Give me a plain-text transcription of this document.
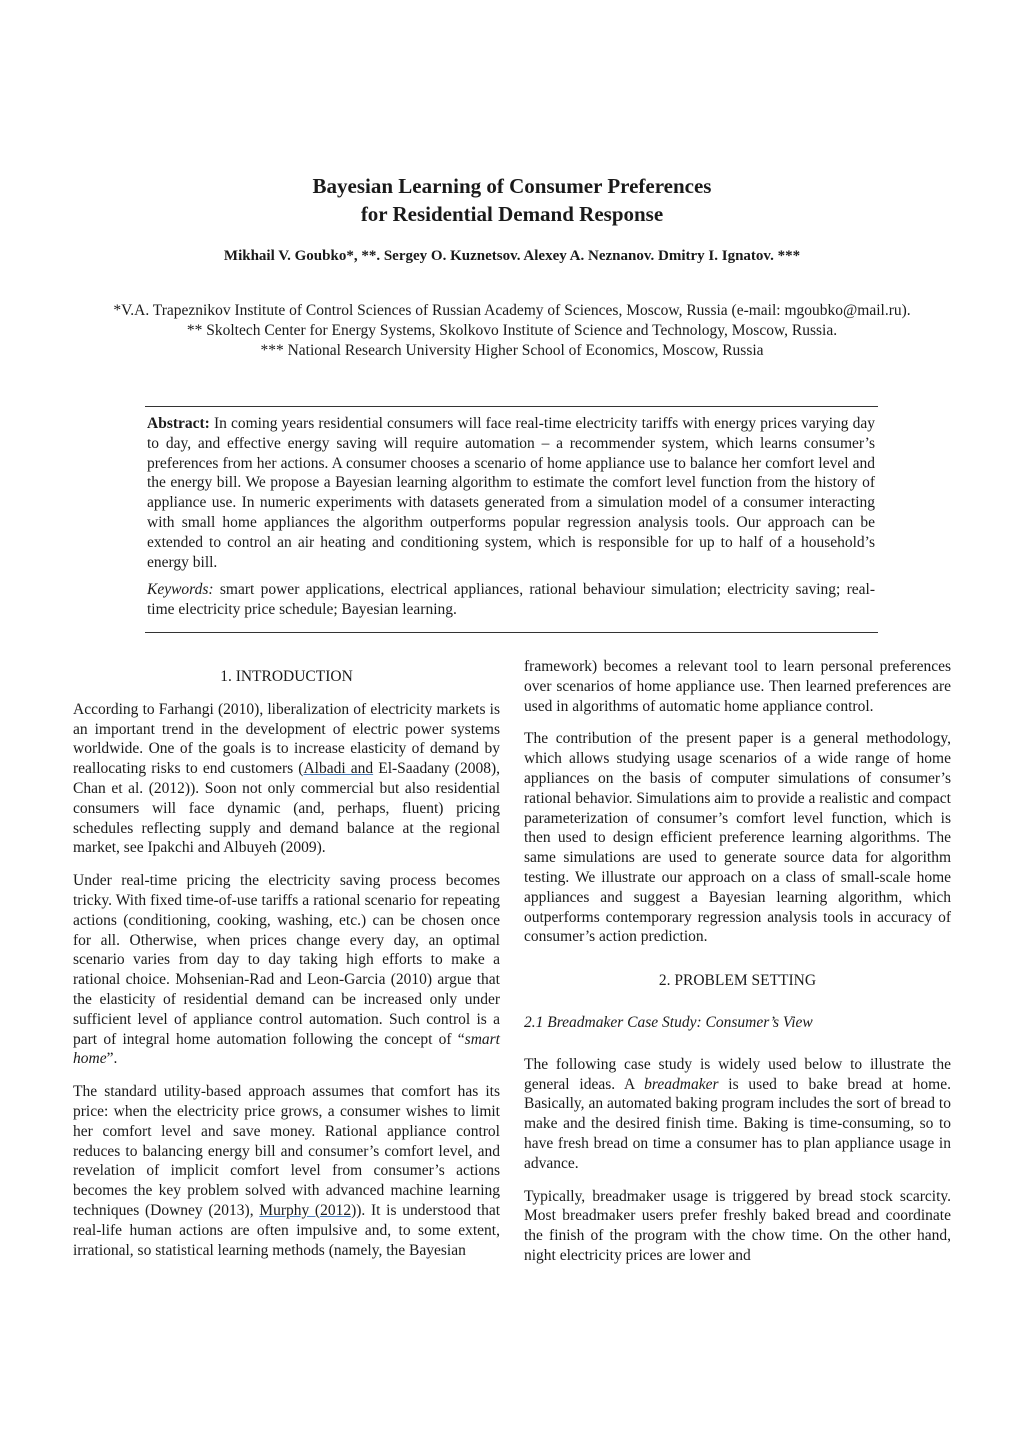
Bayesian Learning of Consumer Preferences
for Residential Demand Response
Mikhail V. Goubko*, **. Sergey O. Kuznetsov. Alexey A. Neznanov. Dmitry I. Ignatov. ***
*V.A. Trapeznikov Institute of Control Sciences of Russian Academy of Sciences, Moscow, Russia (e-mail: mgoubko@mail.ru).
** Skoltech Center for Energy Systems, Skolkovo Institute of Science and Technology, Moscow, Russia.
*** National Research University Higher School of Economics, Moscow, Russia

Abstract: In coming years residential consumers will face real-time electricity tariffs with energy prices varying day to day, and effective energy saving will require automation – a recommender system, which learns consumer’s preferences from her actions. A consumer chooses a scenario of home appliance use to balance her comfort level and the energy bill. We propose a Bayesian learning algorithm to estimate the comfort level function from the history of appliance use. In numeric experiments with datasets generated from a simulation model of a consumer interacting with small home appliances the algorithm outperforms popular regression analysis tools. Our approach can be extended to control an air heating and conditioning system, which is responsible for up to half of a household’s energy bill.

Keywords: smart power applications, electrical appliances, rational behaviour simulation; electricity saving; real-time electricity price schedule; Bayesian learning.

1. INTRODUCTION

According to Farhangi (2010), liberalization of electricity markets is an important trend in the development of electric power systems worldwide. One of the goals is to increase elasticity of demand by reallocating risks to end customers (Albadi and El-Saadany (2008), Chan et al. (2012)). Soon not only commercial but also residential consumers will face dynamic (and, perhaps, fluent) pricing schedules reflecting supply and demand balance at the regional market, see Ipakchi and Albuyeh (2009).

Under real-time pricing the electricity saving process becomes tricky. With fixed time-of-use tariffs a rational scenario for repeating actions (conditioning, cooking, washing, etc.) can be chosen once for all. Otherwise, when prices change every day, an optimal scenario varies from day to day taking high efforts to make a rational choice. Mohsenian-Rad and Leon-Garcia (2010) argue that the elasticity of residential demand can be increased only under sufficient level of appliance control automation. Such control is a part of integral home automation following the concept of “smart home”.

The standard utility-based approach assumes that comfort has its price: when the electricity price grows, a consumer wishes to limit her comfort level and save money. Rational appliance control reduces to balancing energy bill and consumer’s comfort level, and revelation of implicit comfort level from consumer’s actions becomes the key problem solved with advanced machine learning techniques (Downey (2013), Murphy (2012)). It is understood that real-life human actions are often impulsive and, to some extent, irrational, so statistical learning methods (namely, the Bayesian

framework) becomes a relevant tool to learn personal preferences over scenarios of home appliance use. Then learned preferences are used in algorithms of automatic home appliance control.

The contribution of the present paper is a general methodology, which allows studying usage scenarios of a wide range of home appliances on the basis of computer simulations of consumer’s rational behavior. Simulations aim to provide a realistic and compact parameterization of consumer’s comfort level function, which is then used to design efficient preference learning algorithms. The same simulations are used to generate source data for algorithm testing. We illustrate our approach on a class of small-scale home appliances and suggest a Bayesian learning algorithm, which outperforms contemporary regression analysis tools in accuracy of consumer’s action prediction.

2. PROBLEM SETTING
2.1 Breadmaker Case Study: Consumer’s View

The following case study is widely used below to illustrate the general ideas. A breadmaker is used to bake bread at home. Basically, an automated baking program includes the sort of bread to make and the desired finish time. Baking is time-consuming, so to have fresh bread on time a consumer has to plan appliance usage in advance.

Typically, breadmaker usage is triggered by bread stock scarcity. Most breadmaker users prefer freshly baked bread and coordinate the finish of the program with the chow time. On the other hand, night electricity prices are lower and
